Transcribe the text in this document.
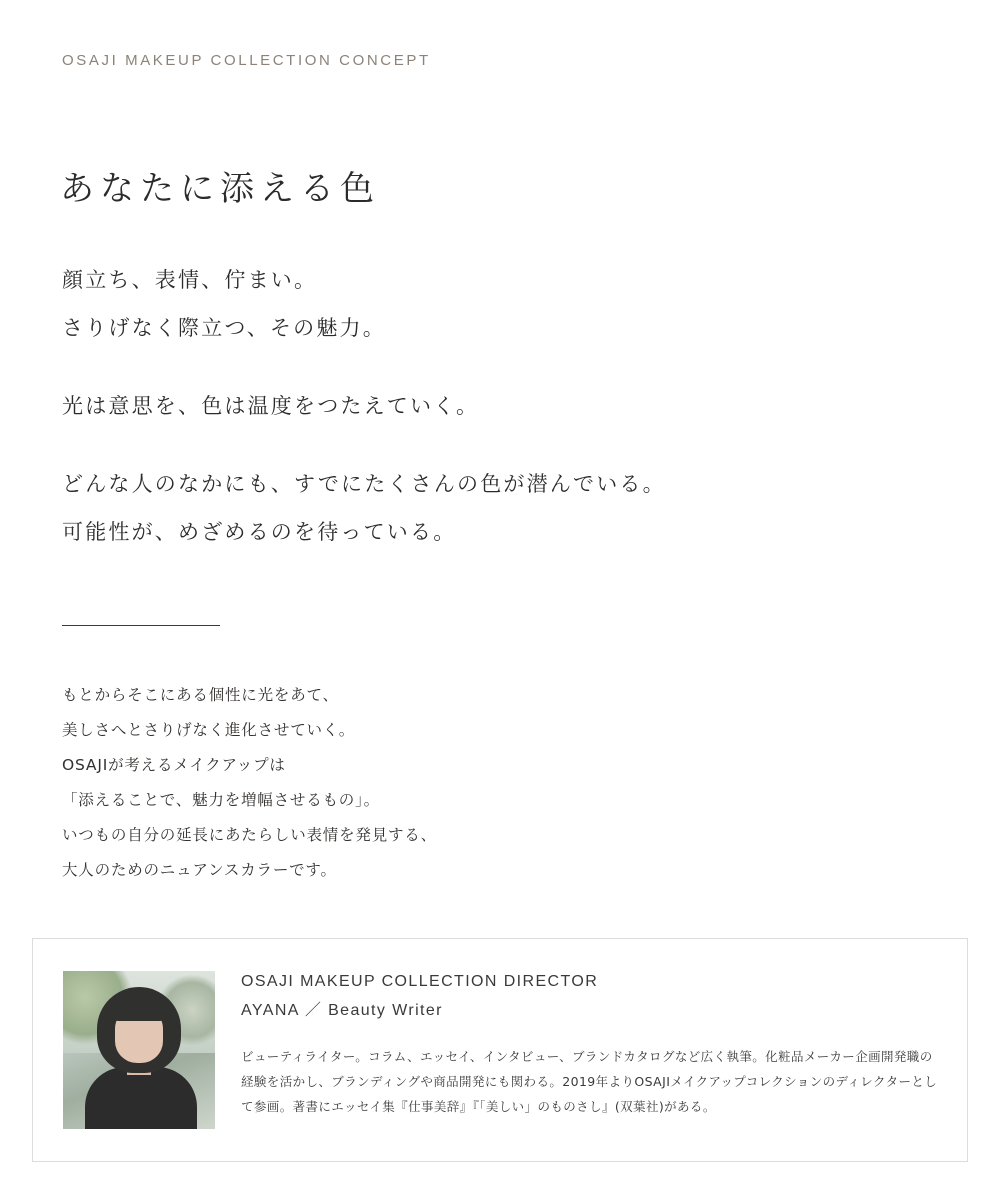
OSAJI MAKEUP COLLECTION CONCEPT
あなたに添える色
顔立ち、表情、佇まい。
さりげなく際立つ、その魅力。
光は意思を、色は温度をつたえていく。
どんな人のなかにも、すでにたくさんの色が潜んでいる。
可能性が、めざめるのを待っている。
もとからそこにある個性に光をあて、
美しさへとさりげなく進化させていく。
OSAJIが考えるメイクアップは
「添えることで、魅力を増幅させるもの」。
いつもの自分の延長にあたらしい表情を発見する、
大人のためのニュアンスカラーです。
OSAJI MAKEUP COLLECTION DIRECTOR
AYANA ／ Beauty Writer
ビューティライター。コラム、エッセイ、インタビュー、ブランドカタログなど広く執筆。化粧品メーカー企画開発職の経験を活かし、ブランディングや商品開発にも関わる。2019年よりOSAJIメイクアップコレクションのディレクターとして参画。著書にエッセイ集『仕事美辞』『「美しい」のものさし』(双葉社)がある。
